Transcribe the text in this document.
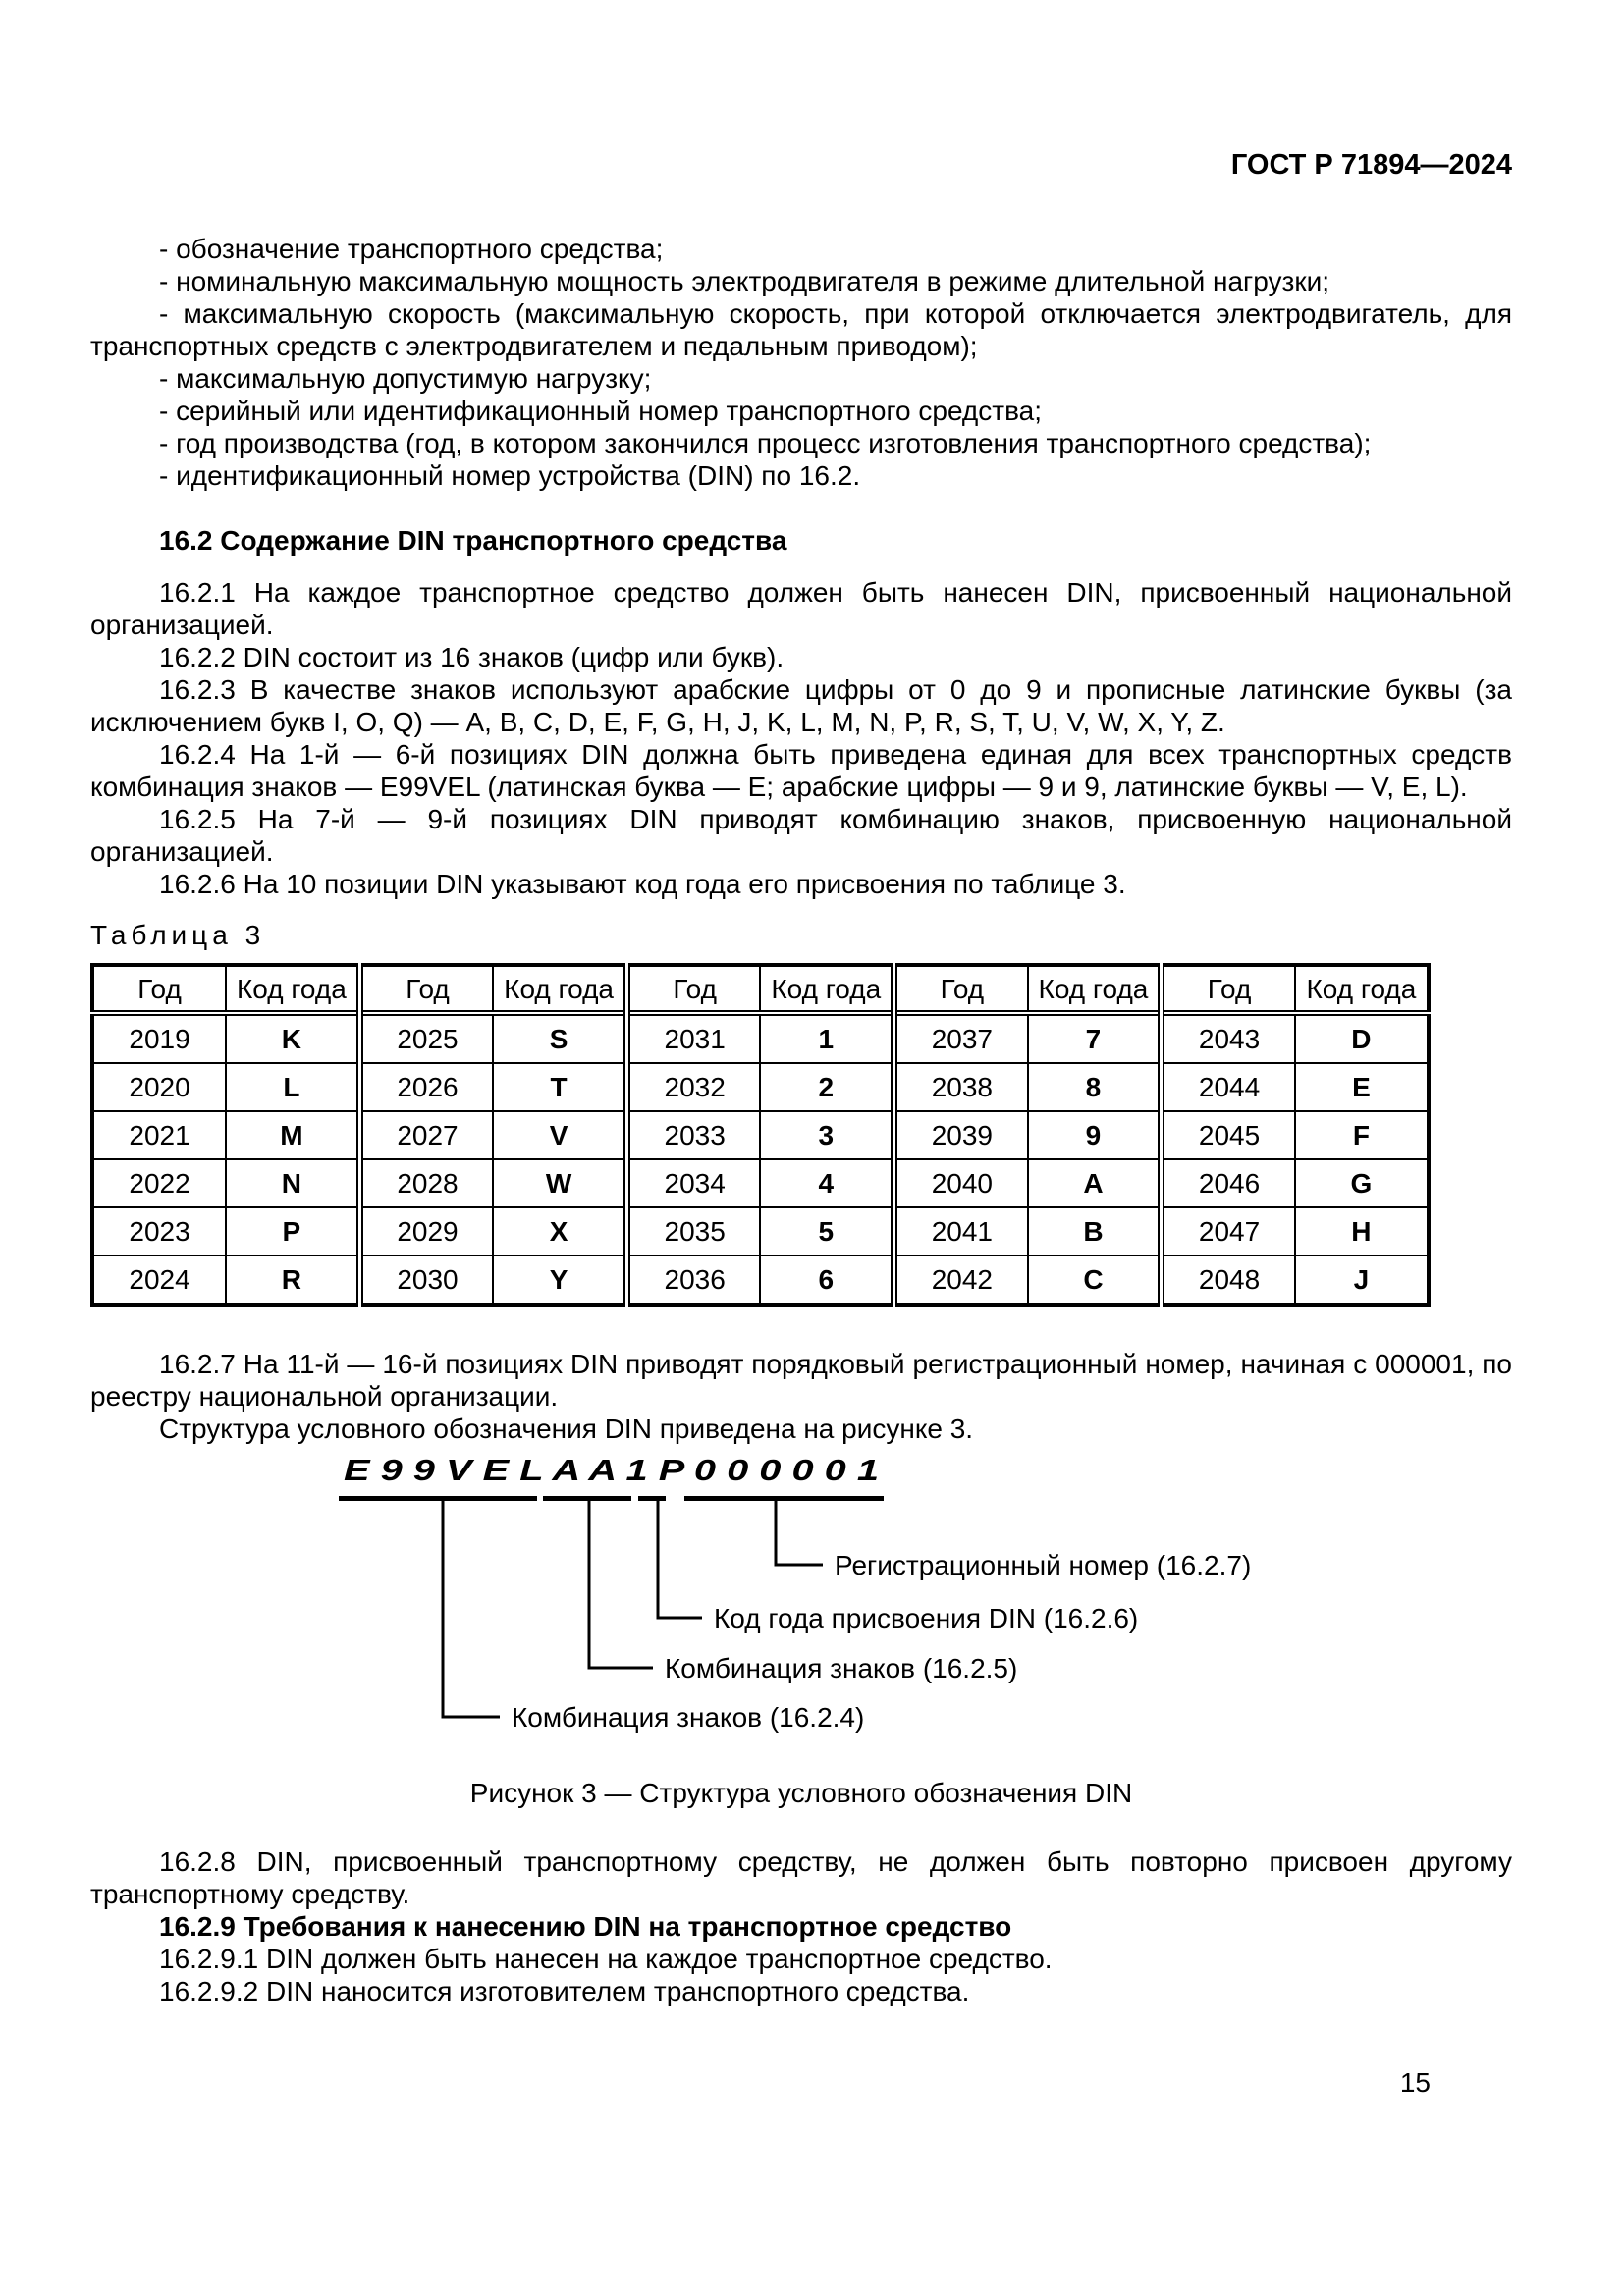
ГОСТ Р 71894—2024

- обозначение транспортного средства;

- номинальную максимальную мощность электродвигателя в режиме длительной нагрузки;

- максимальную скорость (максимальную скорость, при которой отключается электродвигатель, для транспортных средств с электродвигателем и педальным приводом);

- максимальную допустимую нагрузку;

- серийный или идентификационный номер транспортного средства;

- год производства (год, в котором закончился процесс изготовления транспортного средства);

- идентификационный номер устройства (DIN) по 16.2.

16.2 Содержание DIN транспортного средства

16.2.1 На каждое транспортное средство должен быть нанесен DIN, присвоенный национальной организацией.

16.2.2 DIN состоит из 16 знаков (цифр или букв).

16.2.3 В качестве знаков используют арабские цифры от 0 до 9 и прописные латинские буквы (за исключением букв I, O, Q) — A, B, C, D, E, F, G, H, J, K, L, M, N, P, R, S, T, U, V, W, X, Y, Z.

16.2.4 На 1-й — 6-й позициях DIN должна быть приведена единая для всех транспортных средств комбинация знаков — E99VEL (латинская буква — E; арабские цифры — 9 и 9, латинские буквы — V, E, L).

16.2.5 На 7-й — 9-й позициях DIN приводят комбинацию знаков, присвоенную национальной организацией.

16.2.6 На 10 позиции DIN указывают код года его присвоения по таблице 3.

Таблица 3

Год	Код года	Год	Код года	Год	Код года	Год	Код года	Год	Код года
2019	K	2025	S	2031	1	2037	7	2043	D
2020	L	2026	T	2032	2	2038	8	2044	E
2021	M	2027	V	2033	3	2039	9	2045	F
2022	N	2028	W	2034	4	2040	A	2046	G
2023	P	2029	X	2035	5	2041	B	2047	H
2024	R	2030	Y	2036	6	2042	C	2048	J

16.2.7 На 11-й — 16-й позициях DIN приводят порядковый регистрационный номер, начиная с 000001, по реестру национальной организации.

Структура условного обозначения DIN приведена на рисунке 3.

E 9 9 V E L A A 1 P 0 0 0 0 0 1
Регистрационный номер (16.2.7)
Код года присвоения DIN (16.2.6)
Комбинация знаков (16.2.5)
Комбинация знаков (16.2.4)

Рисунок 3 — Структура условного обозначения DIN

16.2.8 DIN, присвоенный транспортному средству, не должен быть повторно присвоен другому транспортному средству.

16.2.9 Требования к нанесению DIN на транспортное средство

16.2.9.1 DIN должен быть нанесен на каждое транспортное средство.

16.2.9.2 DIN наносится изготовителем транспортного средства.

15
